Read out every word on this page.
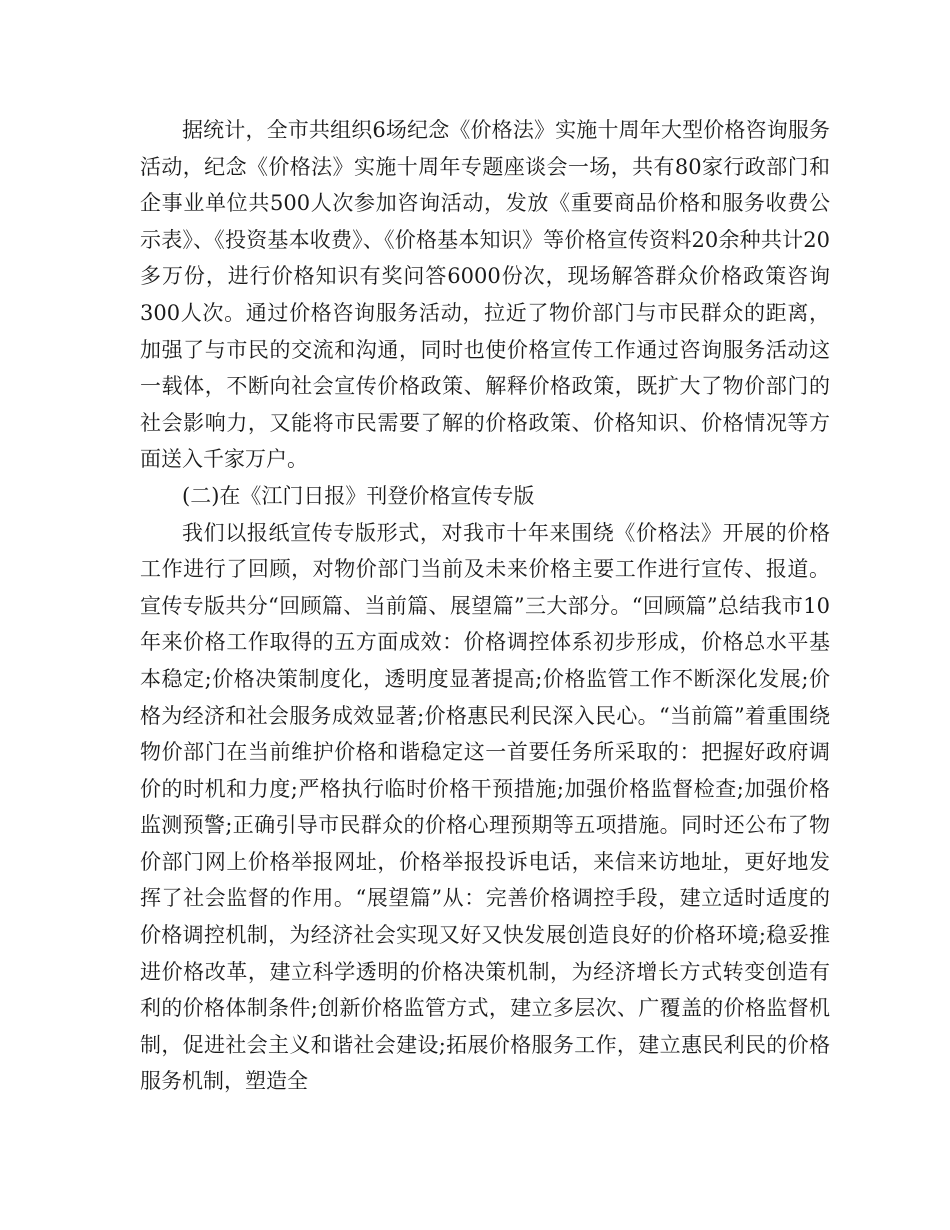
据统计，全市共组织6场纪念《价格法》实施十周年大型价格咨询服务活动，纪念《价格法》实施十周年专题座谈会一场，共有80家行政部门和企事业单位共500人次参加咨询活动，发放《重要商品价格和服务收费公示表》、《投资基本收费》、《价格基本知识》等价格宣传资料20余种共计20多万份，进行价格知识有奖问答6000份次，现场解答群众价格政策咨询300人次。通过价格咨询服务活动，拉近了物价部门与市民群众的距离，加强了与市民的交流和沟通，同时也使价格宣传工作通过咨询服务活动这一载体，不断向社会宣传价格政策、解释价格政策，既扩大了物价部门的社会影响力，又能将市民需要了解的价格政策、价格知识、价格情况等方面送入千家万户。

(二)在《江门日报》刊登价格宣传专版

我们以报纸宣传专版形式，对我市十年来围绕《价格法》开展的价格工作进行了回顾，对物价部门当前及未来价格主要工作进行宣传、报道。宣传专版共分“回顾篇、当前篇、展望篇”三大部分。“回顾篇”总结我市10年来价格工作取得的五方面成效：价格调控体系初步形成，价格总水平基本稳定;价格决策制度化，透明度显著提高;价格监管工作不断深化发展;价格为经济和社会服务成效显著;价格惠民利民深入民心。“当前篇”着重围绕物价部门在当前维护价格和谐稳定这一首要任务所采取的：把握好政府调价的时机和力度;严格执行临时价格干预措施;加强价格监督检查;加强价格监测预警;正确引导市民群众的价格心理预期等五项措施。同时还公布了物价部门网上价格举报网址，价格举报投诉电话，来信来访地址，更好地发挥了社会监督的作用。“展望篇”从：完善价格调控手段，建立适时适度的价格调控机制，为经济社会实现又好又快发展创造良好的价格环境;稳妥推进价格改革，建立科学透明的价格决策机制，为经济增长方式转变创造有利的价格体制条件;创新价格监管方式，建立多层次、广覆盖的价格监督机制，促进社会主义和谐社会建设;拓展价格服务工作，建立惠民利民的价格服务机制，塑造全
